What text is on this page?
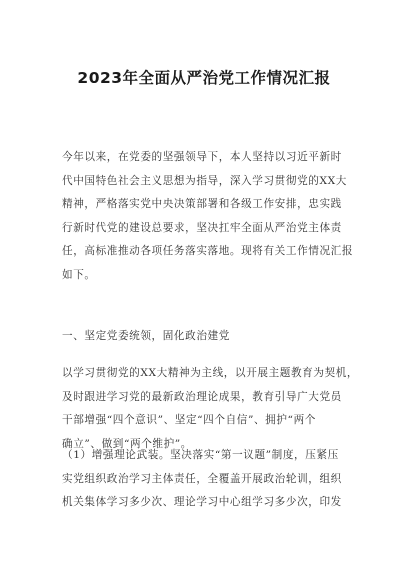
2023年全面从严治党工作情况汇报

今年以来，在党委的坚强领导下，本人坚持以习近平新时
代中国特色社会主义思想为指导，深入学习贯彻党的XX大
精神，严格落实党中央决策部署和各级工作安排，忠实践
行新时代党的建设总要求，坚决扛牢全面从严治党主体责
任，高标准推动各项任务落实落地。现将有关工作情况汇报
如下。

一、坚定党委统领，固化政治建党

以学习贯彻党的XX大精神为主线，以开展主题教育为契机，
及时跟进学习党的最新政治理论成果，教育引导广大党员
干部增强“四个意识”、坚定“四个自信”、拥护“两个
确立”、做到“两个维护”。

（1）增强理论武装。坚决落实“第一议题”制度，压紧压
实党组织政治学习主体责任，全覆盖开展政治轮训，组织
机关集体学习多少次、理论学习中心组学习多少次，印发
